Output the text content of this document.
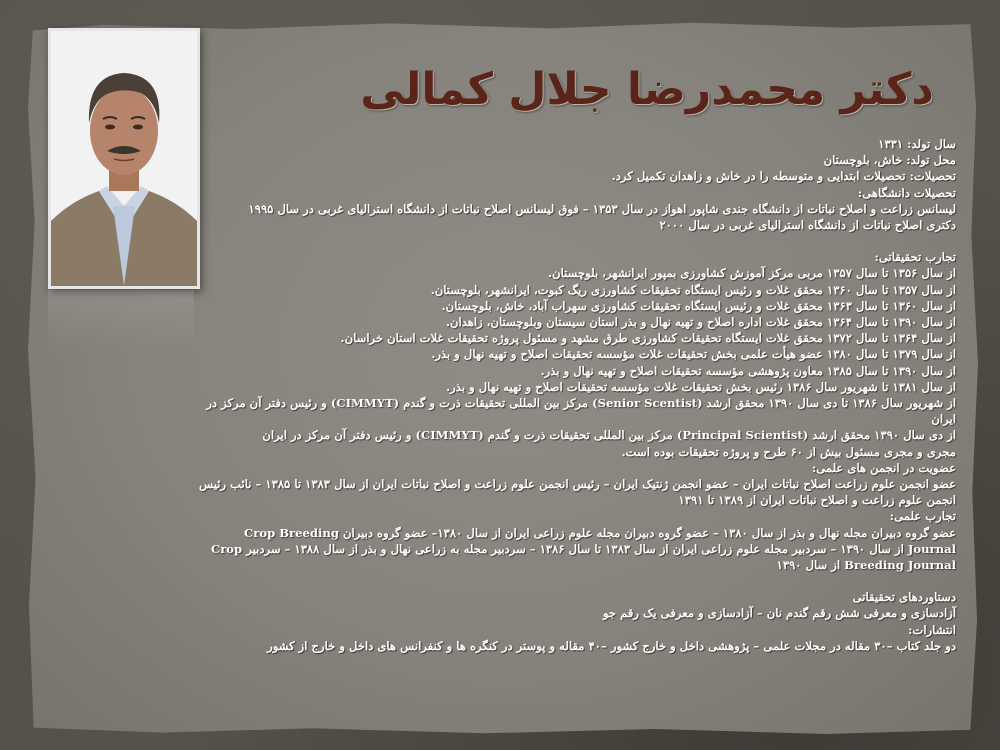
دکتر محمدرضا جلال کمالی

سال تولد: ۱۳۳۱

محل تولد: خاش، بلوچستان

تحصیلات: تحصیلات ابتدایی و متوسطه را در خاش و زاهدان تکمیل کرد.

تحصیلات دانشگاهی:

لیسانس زراعت و اصلاح نباتات از دانشگاه جندی شاپور اهواز در سال ۱۳۵۳ – فوق لیسانس اصلاح نباتات از دانشگاه استرالیای غربی در سال ۱۹۹۵

دکتری اصلاح نباتات از دانشگاه استرالیای غربی در سال ۲۰۰۰

تجارب تحقیقاتی:

از سال ۱۳۵۶ تا سال ۱۳۵۷ مربی مرکز آموزش کشاورزی بمپور ایرانشهر، بلوچستان.

از سال ۱۳۵۷ تا سال ۱۳۶۰ محقق غلات و رئیس ایستگاه تحقیقات کشاورزی ریگ کبوت، ایرانشهر، بلوچستان.

از سال ۱۳۶۰ تا سال ۱۳۶۳ محقق غلات و رئیس ایستگاه تحقیقات کشاورزی سهراب آباد، خاش، بلوچستان.

از سال ۱۳۹۰ تا سال ۱۳۶۴ محقق غلات اداره اصلاح و تهیه نهال و بذر استان سیستان وبلوچستان، زاهدان.

از سال ۱۳۶۴ تا سال ۱۳۷۲ محقق غلات ایستگاه تحقیقات کشاورزی طرق مشهد و مسئول پروژه تحقیقات غلات استان خراسان.

از سال ۱۳۷۹ تا سال ۱۳۸۰ عضو هیأت علمی بخش تحقیقات غلات مؤسسه تحقیقات اصلاح و تهیه نهال و بذر.

از سال ۱۳۹۰ تا سال ۱۳۸۵ معاون پژوهشی مؤسسه تحقیقات اصلاح و تهیه نهال و بذر.

از سال ۱۳۸۱ تا شهریور سال ۱۳۸۶ رئیس بخش تحقیقات غلات مؤسسه تحقیقات اصلاح و تهیه نهال و بذر.

از شهریور سال ۱۳۸۶ تا دی سال ۱۳۹۰ محقق ارشد (Senior Scentist) مرکز بین المللی تحقیقات ذرت و گندم (CIMMYT) و رئیس دفتر آن مرکز در ایران

از دی سال ۱۳۹۰ محقق ارشد (Principal Scientist) مرکز بین المللی تحقیقات ذرت و گندم (CIMMYT) و رئیس دفتر آن مرکز در ایران

مجری و مجری مسئول بیش از ۶۰ طرح و پروژه تحقیقات بوده است.

عضویت در انجمن های علمی:

عضو انجمن علوم زراعت اصلاح نباتات ایران – عضو انجمن ژنتیک ایران – رئیس انجمن علوم زراعت و اصلاح نباتات ایران از سال ۱۳۸۳ تا ۱۳۸۵ – نائب رئیس انجمن علوم زراعت و اصلاح نباتات ایران از ۱۳۸۹ تا ۱۳۹۱

تجارب علمی:

عضو گروه دبیران مجله نهال و بذر از سال ۱۳۸۰ – عضو گروه دبیران مجله علوم زراعی ایران از سال ۱۳۸۰– عضو گروه دبیران Crop Breeding Journal از سال ۱۳۹۰ – سردبیر مجله علوم زراعی ایران از سال ۱۳۸۳ تا سال ۱۳۸۶ – سردبیر مجله به زراعی نهال و بذر از سال ۱۳۸۸ – سردبیر Crop Breeding Journal از سال ۱۳۹۰

دستاوردهای تحقیقاتی

آزادسازی و معرفی شش رقم گندم نان – آزادسازی و معرفی یک رقم جو

انتشارات:

دو جلد کتاب –۳۰ مقاله در مجلات علمی – پژوهشی داخل و خارج کشور –۴۰ مقاله و پوستر در کنگره ها و کنفرانس های داخل و خارج از کشور
